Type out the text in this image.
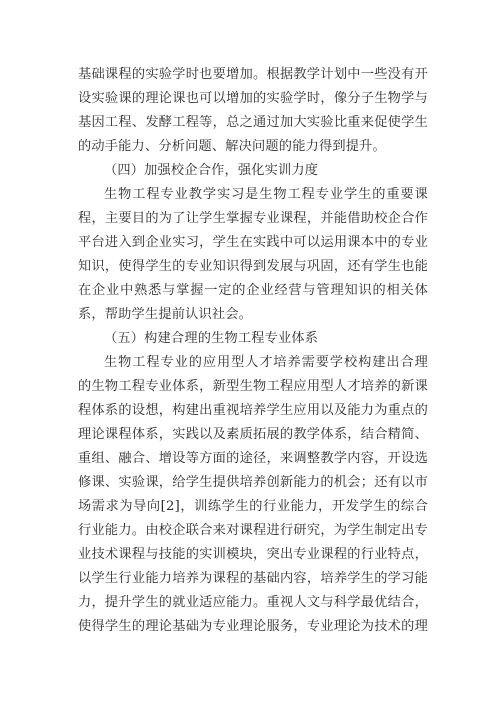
基础课程的实验学时也要增加。根据教学计划中一些没有开
设实验课的理论课也可以增加的实验学时，像分子生物学与
基因工程、发酵工程等，总之通过加大实验比重来促使学生
的动手能力、分析问题、解决问题的能力得到提升。
（四）加强校企合作，强化实训力度
生物工程专业教学实习是生物工程专业学生的重要课
程，主要目的为了让学生掌握专业课程，并能借助校企合作
平台进入到企业实习，学生在实践中可以运用课本中的专业
知识，使得学生的专业知识得到发展与巩固，还有学生也能
在企业中熟悉与掌握一定的企业经营与管理知识的相关体
系，帮助学生提前认识社会。
（五）构建合理的生物工程专业体系
生物工程专业的应用型人才培养需要学校构建出合理
的生物工程专业体系，新型生物工程应用型人才培养的新课
程体系的设想，构建出重视培养学生应用以及能力为重点的
理论课程体系，实践以及素质拓展的教学体系，结合精简、
重组、融合、增设等方面的途径，来调整教学内容，开设选
修课、实验课，给学生提供培养创新能力的机会；还有以市
场需求为导向[2]，训练学生的行业能力，开发学生的综合
行业能力。由校企联合来对课程进行研究，为学生制定出专
业技术课程与技能的实训模块，突出专业课程的行业特点，
以学生行业能力培养为课程的基础内容，培养学生的学习能
力，提升学生的就业适应能力。重视人文与科学最优结合，
使得学生的理论基础为专业理论服务，专业理论为技术的理
